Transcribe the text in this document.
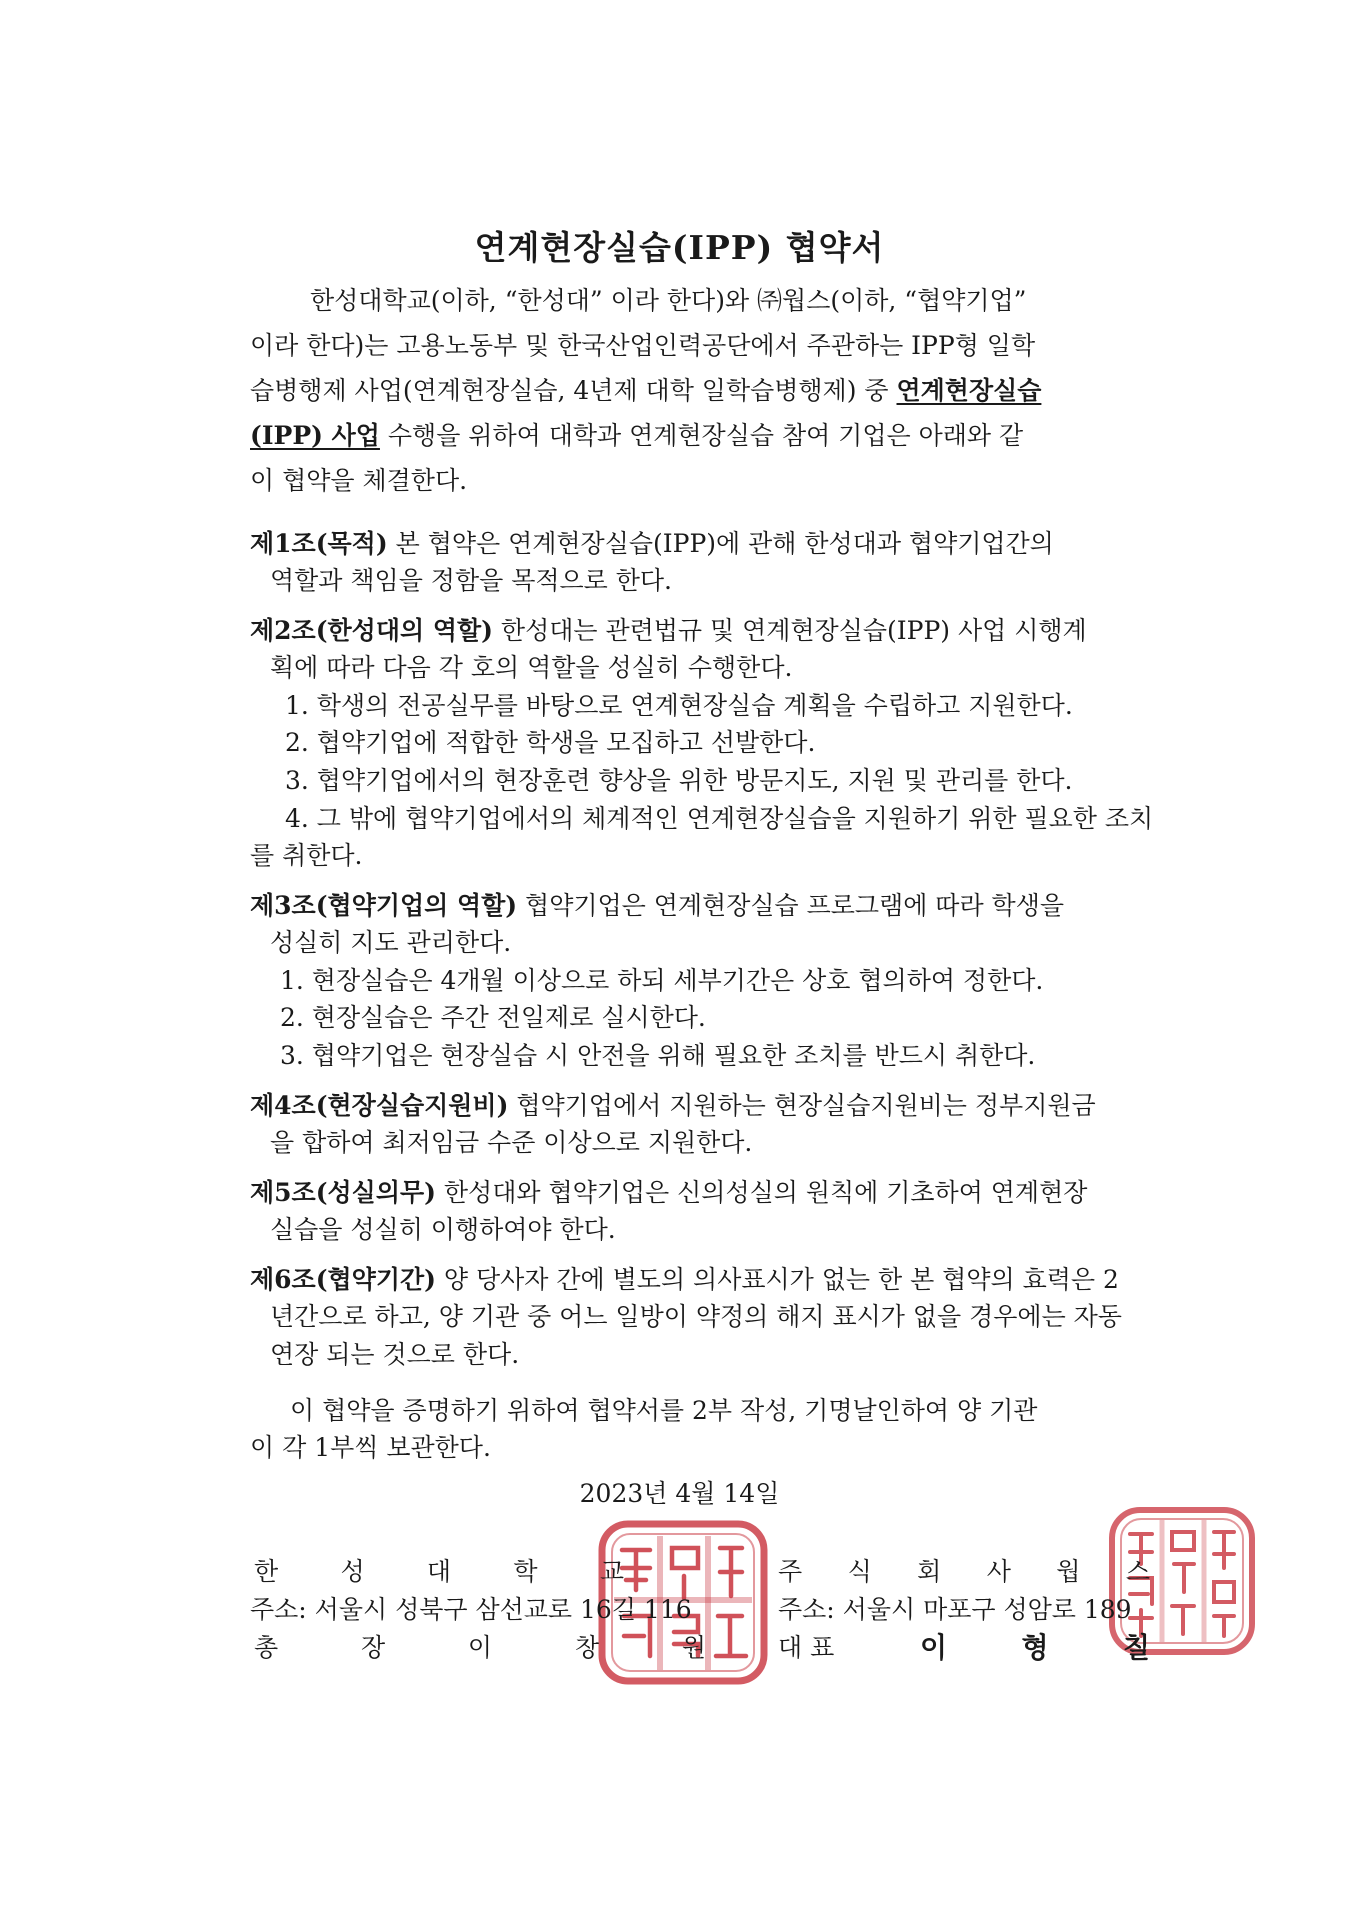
연계현장실습(IPP) 협약서
한성대학교(이하, “한성대” 이라 한다)와 ㈜웝스(이하, “협약기업”
이라 한다)는 고용노동부 및 한국산업인력공단에서 주관하는 IPP형 일학
습병행제 사업(연계현장실습, 4년제 대학 일학습병행제) 중 연계현장실습
(IPP) 사업 수행을 위하여 대학과 연계현장실습 참여 기업은 아래와 같
이 협약을 체결한다.
제1조(목적) 본 협약은 연계현장실습(IPP)에 관해 한성대과 협약기업간의
역할과 책임을 정함을 목적으로 한다.
제2조(한성대의 역할) 한성대는 관련법규 및 연계현장실습(IPP) 사업 시행계
획에 따라 다음 각 호의 역할을 성실히 수행한다.
1. 학생의 전공실무를 바탕으로 연계현장실습 계획을 수립하고 지원한다.
2. 협약기업에 적합한 학생을 모집하고 선발한다.
3. 협약기업에서의 현장훈련 향상을 위한 방문지도, 지원 및 관리를 한다.
4. 그 밖에 협약기업에서의 체계적인 연계현장실습을 지원하기 위한 필요한 조치
를 취한다.
제3조(협약기업의 역할) 협약기업은 연계현장실습 프로그램에 따라 학생을
성실히 지도 관리한다.
1. 현장실습은 4개월 이상으로 하되 세부기간은 상호 협의하여 정한다.
2. 현장실습은 주간 전일제로 실시한다.
3. 협약기업은 현장실습 시 안전을 위해 필요한 조치를 반드시 취한다.
제4조(현장실습지원비) 협약기업에서 지원하는 현장실습지원비는 정부지원금
을 합하여 최저임금 수준 이상으로 지원한다.
제5조(성실의무) 한성대와 협약기업은 신의성실의 원칙에 기초하여 연계현장
실습을 성실히 이행하여야 한다.
제6조(협약기간) 양 당사자 간에 별도의 의사표시가 없는 한 본 협약의 효력은 2
년간으로 하고, 양 기관 중 어느 일방이 약정의 해지 표시가 없을 경우에는 자동
연장 되는 것으로 한다.
이 협약을 증명하기 위하여 협약서를 2부 작성, 기명날인하여 양 기관
이 각 1부씩 보관한다.
2023년 4월 14일
한 성 대 학 교
주소: 서울시 성북구 삼선교로 16길 116
총	장	이	창	원
주 식 회 사 웝 스
주소: 서울시 마포구 성암로 189
대 표	이	형	칠
